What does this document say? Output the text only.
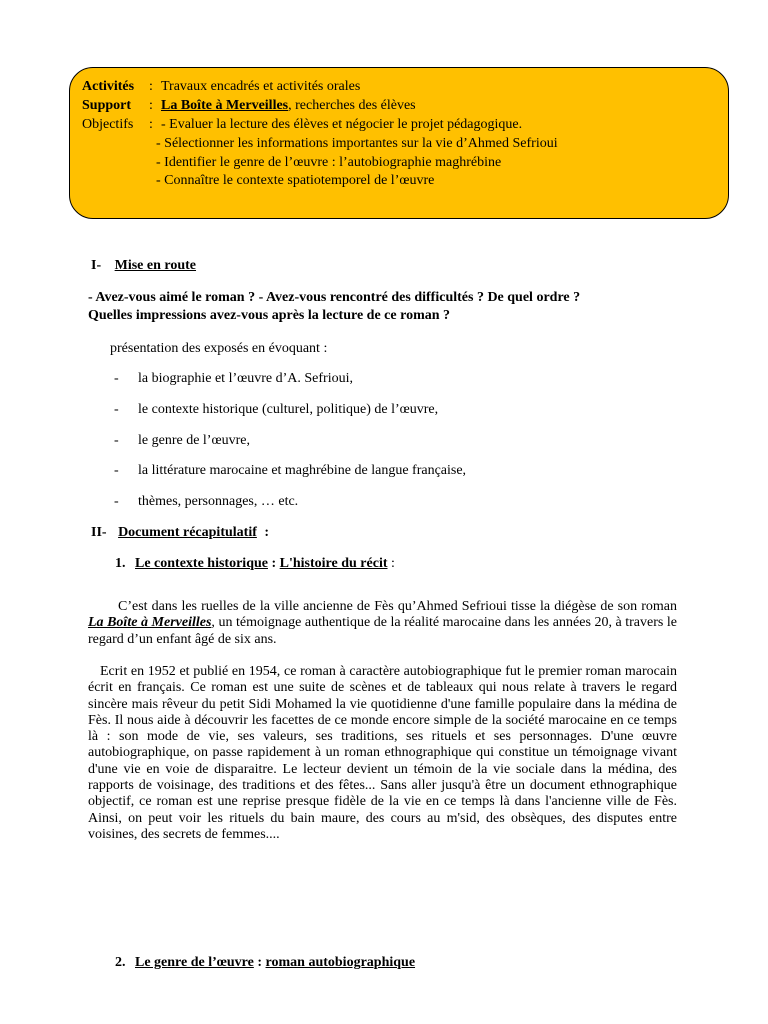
Activités : Travaux encadrés et activités orales
Support : La Boîte à Merveilles, recherches des élèves
Objectifs : - Evaluer la lecture des élèves et négocier le projet pédagogique.
- Sélectionner les informations importantes sur la vie d’Ahmed Sefrioui
- Identifier le genre de l’œuvre : l’autobiographie maghrébine
- Connaître le contexte spatiotemporel de l’œuvre
I- Mise en route
- Avez-vous aimé le roman ? - Avez-vous rencontré des difficultés ? De quel ordre ?
Quelles impressions avez-vous après la lecture de ce roman ?
présentation des exposés en évoquant :
- la biographie et l’œuvre d’A. Sefrioui,
- le contexte historique (culturel, politique) de l’œuvre,
- le genre de l’œuvre,
- la littérature marocaine et maghrébine de langue française,
- thèmes, personnages, … etc.
II- Document récapitulatif :
1. Le contexte historique : L'histoire du récit :
C’est dans les ruelles de la ville ancienne de Fès qu’Ahmed Sefrioui tisse la diégèse de son roman La Boîte à Merveilles, un témoignage authentique de la réalité marocaine dans les années 20, à travers le regard d’un enfant âgé de six ans.
Ecrit en 1952 et publié en 1954, ce roman à caractère autobiographique fut le premier roman marocain écrit en français. Ce roman est une suite de scènes et de tableaux qui nous relate à travers le regard sincère mais rêveur du petit Sidi Mohamed la vie quotidienne d'une famille populaire dans la médina de Fès. Il nous aide à découvrir les facettes de ce monde encore simple de la société marocaine en ce temps là : son mode de vie, ses valeurs, ses traditions, ses rituels et ses personnages. D'une œuvre autobiographique, on passe rapidement à un roman ethnographique qui constitue un témoignage vivant d'une vie en voie de disparaitre. Le lecteur devient un témoin de la vie sociale dans la médina, des rapports de voisinage, des traditions et des fêtes... Sans aller jusqu'à être un document ethnographique objectif, ce roman est une reprise presque fidèle de la vie en ce temps là dans l'ancienne ville de Fès. Ainsi, on peut voir les rituels du bain maure, des cours au m'sid, des obsèques, des disputes entre voisines, des secrets de femmes....
2. Le genre de l’œuvre : roman autobiographique
